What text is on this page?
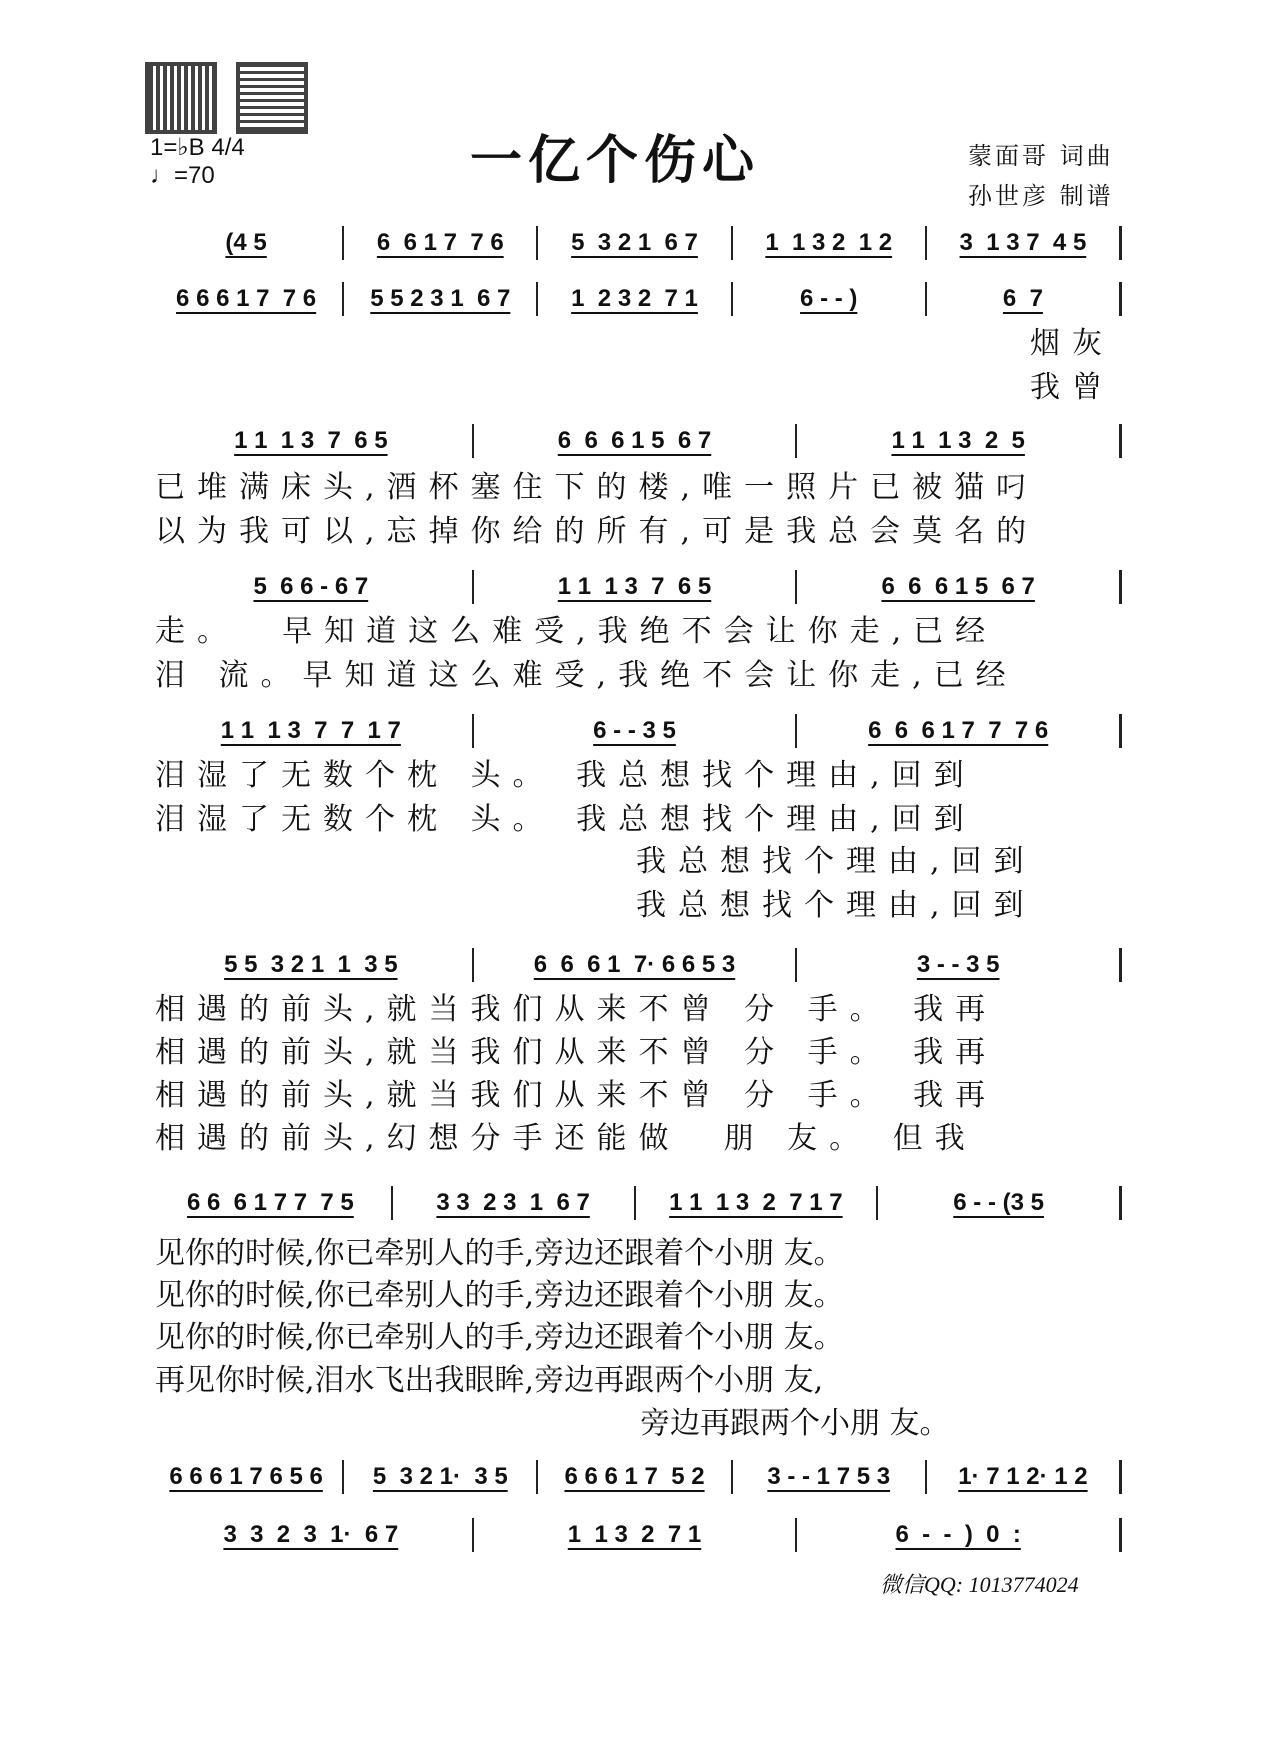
1=♭B 4/4
♩=70	一亿个伤心	蒙面哥 词曲
孙世彦 制谱
(4 5	6  6 1 7  7 6	5  3 2 1  6 7	1  1 3 2  1 2	3  1 3 7  4 5
6 6 6 1 7  7 6	5 5 2 3 1  6 7	1  2 3 2  7 1	6 - - )	6  7
1 1  1 3  7  6 5	6  6  6 1 5  6 7	1 1  1 3  2  5
5  6 6 - 6 7	1 1  1 3  7  6 5	6  6  6 1 5  6 7
1 1  1 3  7  7  1 7	6 - - 3 5	6  6  6 1 7  7  7 6
5 5  3 2 1  1  3 5	6  6  6 1  7· 6 6 5 3	3 - - 3 5
6 6  6 1 7 7  7 5	3 3  2 3  1  6 7	1 1  1 3  2  7 1 7	6 - - (3 5
6 6 6 1 7 6 5 6	5  3 2 1·  3 5	6 6 6 1 7  5 2	3 - - 1 7 5 3	1· 7 1 2· 1 2
3  3  2  3  1·  6 7	1  1 3  2  7 1	6  -  -  )  0  :
烟灰
我曾
已堆满床头,酒杯塞住下的楼,唯一照片已被猫叼
以为我可以,忘掉你给的所有,可是我总会莫名的
走。  早知道这么难受,我绝不会让你走,已经
泪 流。早知道这么难受,我绝不会让你走,已经
泪湿了无数个枕 头。 我总想找个理由,回到
泪湿了无数个枕 头。 我总想找个理由,回到
我总想找个理由,回到
我总想找个理由,回到
相遇的前头,就当我们从来不曾 分 手。 我再
相遇的前头,就当我们从来不曾 分 手。 我再
相遇的前头,就当我们从来不曾 分 手。 我再
相遇的前头,幻想分手还能做  朋 友。 但我
见你的时候,你已牵别人的手,旁边还跟着个小朋 友。
见你的时候,你已牵别人的手,旁边还跟着个小朋 友。
见你的时候,你已牵别人的手,旁边还跟着个小朋 友。
再见你时候,泪水飞出我眼眸,旁边再跟两个小朋 友,
旁边再跟两个小朋 友。
微信QQ: 1013774024
